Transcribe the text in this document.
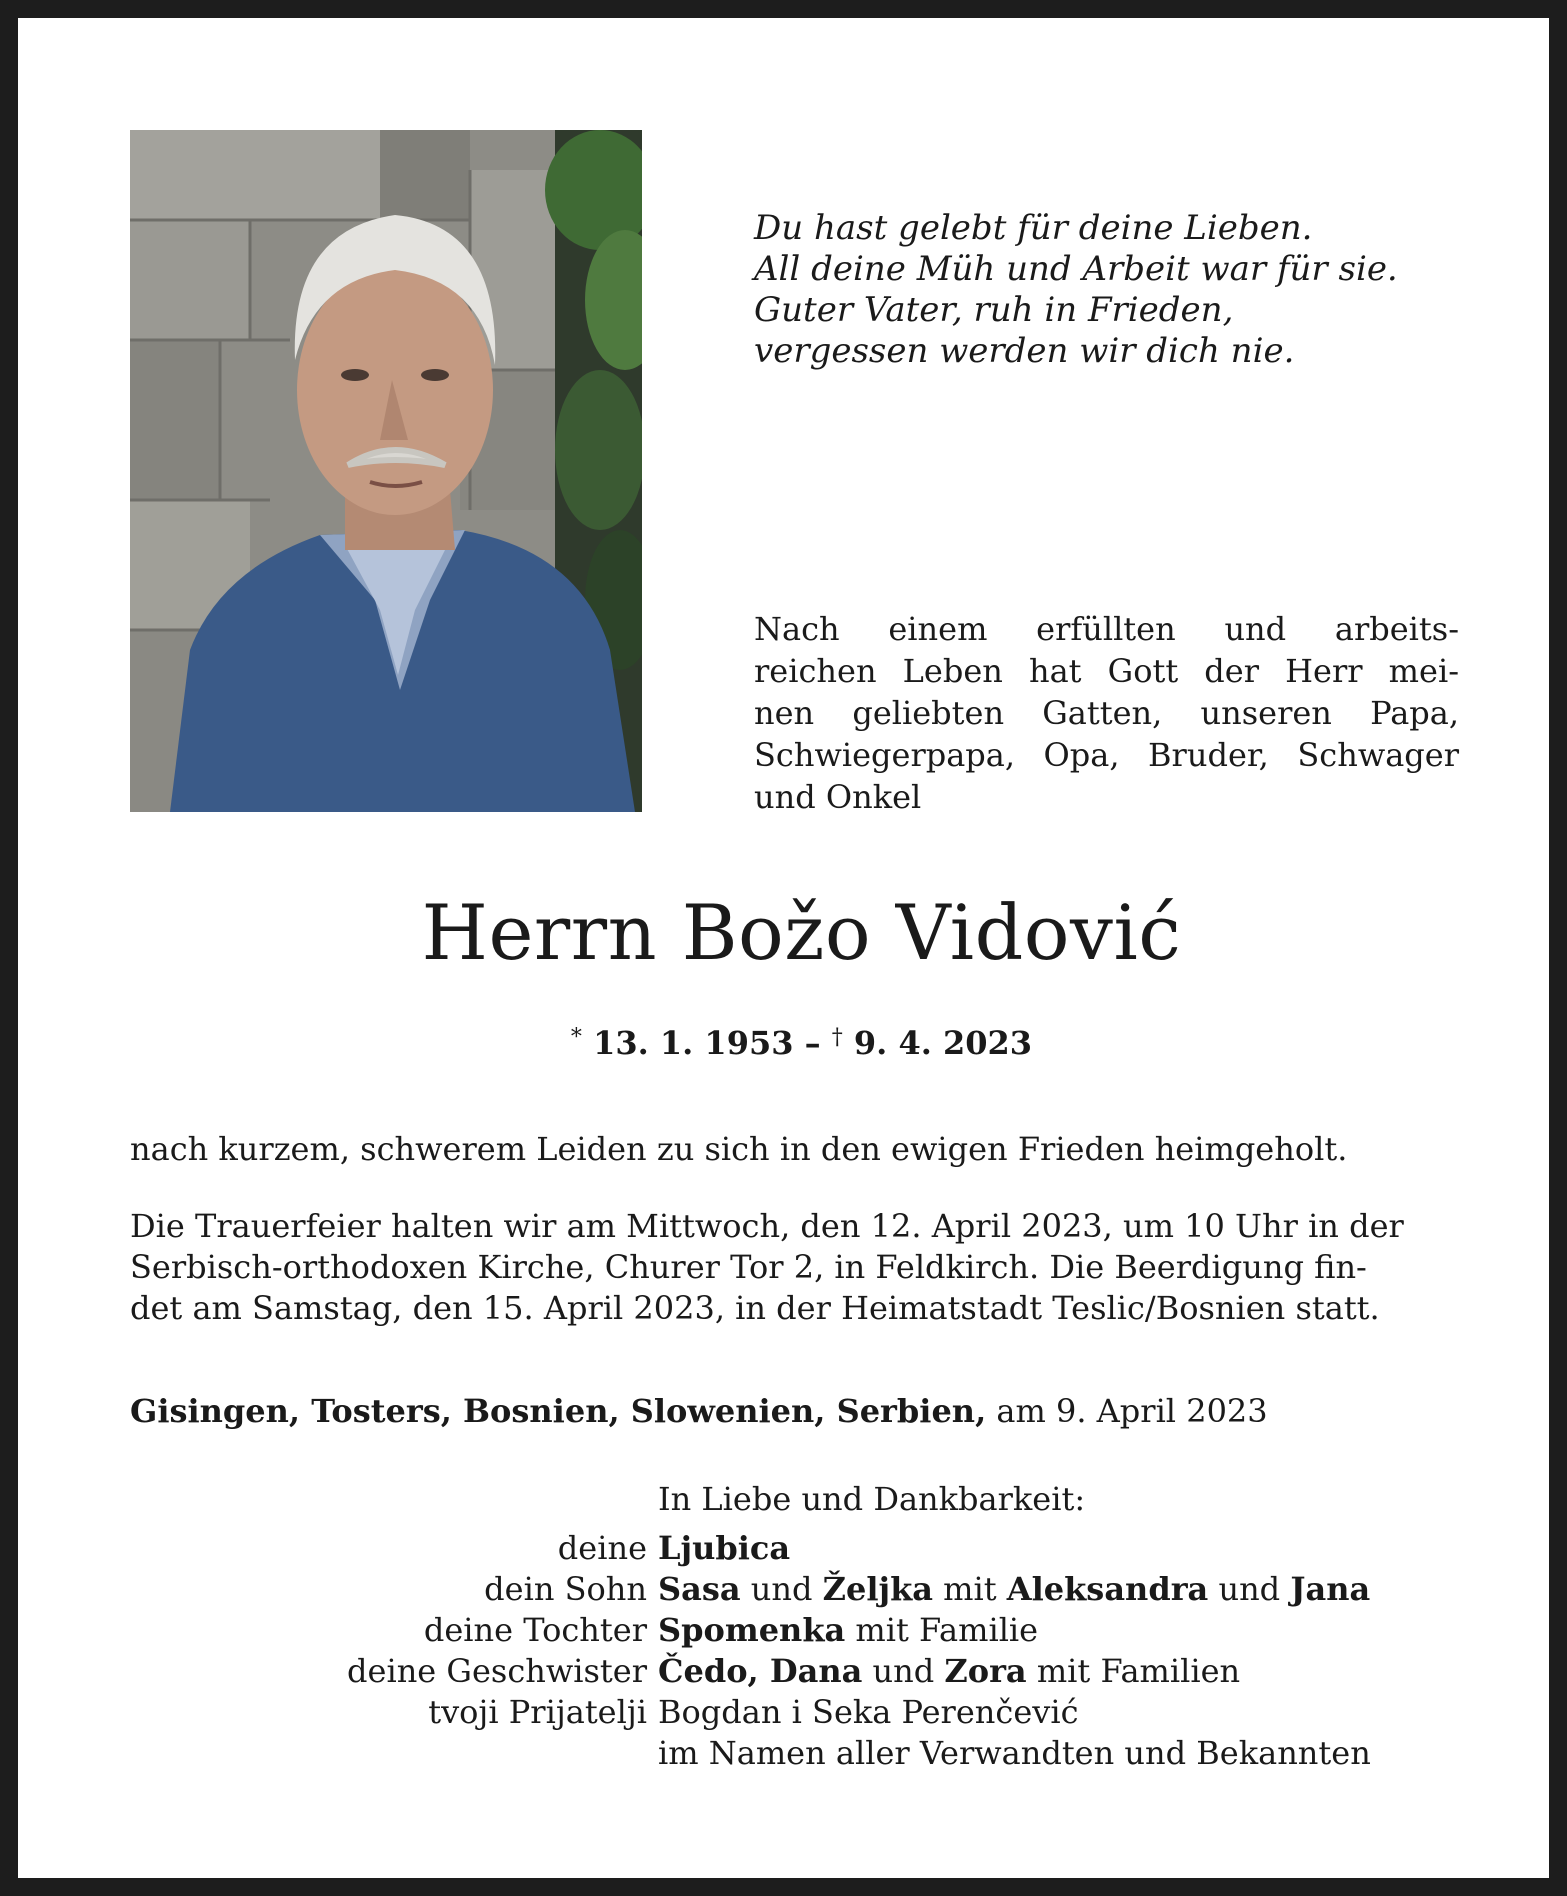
Du hast gelebt für deine Lieben.
All deine Müh und Arbeit war für sie.
Guter Vater, ruh in Frieden,
vergessen werden wir dich nie.
Nach einem erfüllten und arbeits-
reichen Leben hat Gott der Herr mei-
nen geliebten Gatten, unseren Papa,
Schwiegerpapa, Opa, Bruder, Schwager
und Onkel
Herrn Božo Vidović
* 13. 1. 1953 – † 9. 4. 2023
nach kurzem, schwerem Leiden zu sich in den ewigen Frieden heimgeholt.
Die Trauerfeier halten wir am Mittwoch, den 12. April 2023, um 10 Uhr in der
Serbisch-orthodoxen Kirche, Churer Tor 2, in Feldkirch. Die Beerdigung fin-
det am Samstag, den 15. April 2023, in der Heimatstadt Teslic/Bosnien statt.
Gisingen, Tosters, Bosnien, Slowenien, Serbien, am 9. April 2023
In Liebe und Dankbarkeit:
deine Ljubica
dein Sohn Sasa und Željka mit Aleksandra und Jana
deine Tochter Spomenka mit Familie
deine Geschwister Čedo, Dana und Zora mit Familien
tvoji Prijatelji Bogdan i Seka Perenčević
im Namen aller Verwandten und Bekannten
